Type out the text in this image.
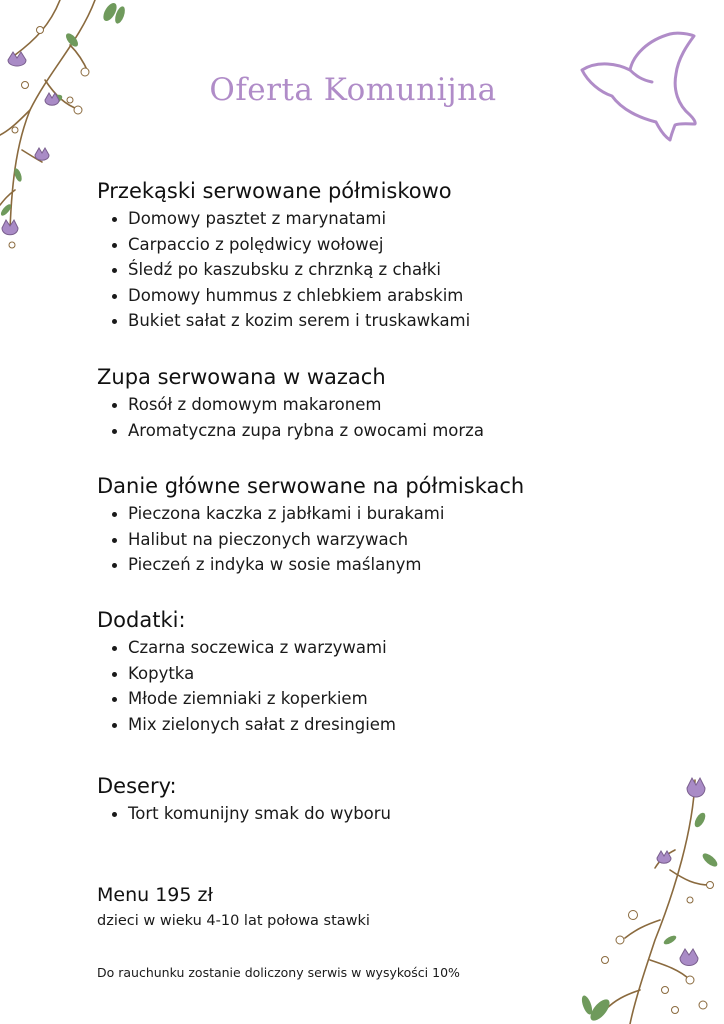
Oferta Komunijna
Przekąski serwowane półmiskowo
Domowy pasztet z marynatami
Carpaccio z polędwicy wołowej
Śledź po kaszubsku z chrznką z chałki
Domowy hummus z chlebkiem arabskim
Bukiet sałat z kozim serem i truskawkami
Zupa serwowana w wazach
Rosół z domowym makaronem
Aromatyczna zupa rybna z owocami morza
Danie główne serwowane na półmiskach
Pieczona kaczka z jabłkami i burakami
Halibut na pieczonych warzywach
Pieczeń z indyka w sosie maślanym
Dodatki:
Czarna soczewica z warzywami
Kopytka
Młode ziemniaki z koperkiem
Mix zielonych sałat z dresingiem
Desery:
Tort komunijny smak do wyboru
Menu 195 zł
dzieci w wieku 4-10 lat połowa stawki
Do rauchunku zostanie doliczony serwis w wysykości 10%
